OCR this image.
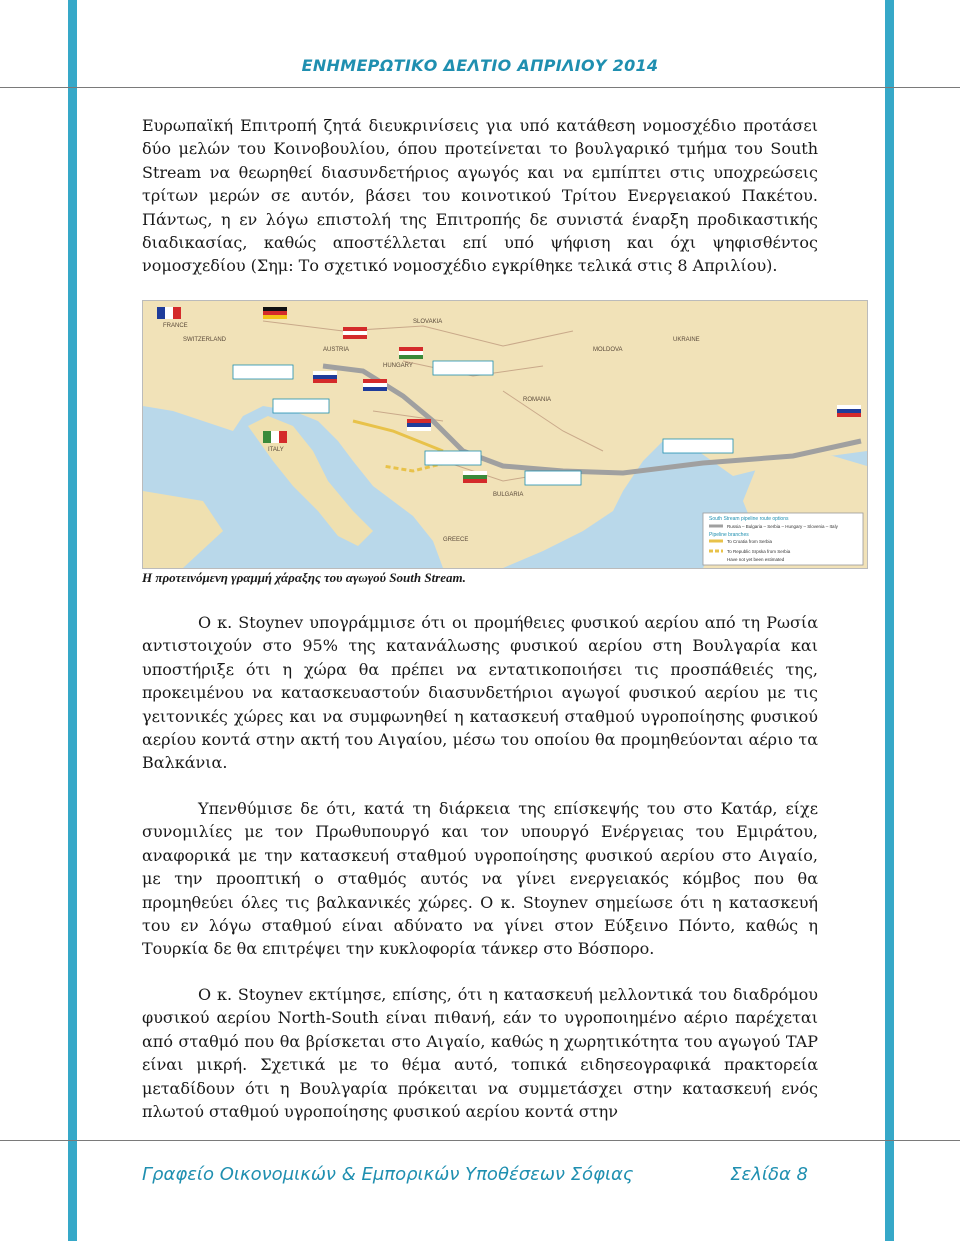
ΕΝΗΜΕΡΩΤΙΚΟ ΔΕΛΤΙΟ ΑΠΡΙΛΙΟΥ 2014

Ευρωπαϊκή Επιτροπή ζητά διευκρινίσεις για υπό κατάθεση νομοσχέδιο προτάσει δύο μελών του Κοινοβουλίου, όπου προτείνεται το βουλγαρικό τμήμα του South Stream να θεωρηθεί διασυνδετήριος αγωγός και να εμπίπτει στις υποχρεώσεις τρίτων μερών σε αυτόν, βάσει του κοινοτικού Τρίτου Ενεργειακού Πακέτου. Πάντως, η εν λόγω επιστολή της Επιτροπής δε συνιστά έναρξη προδικαστικής διαδικασίας, καθώς αποστέλλεται επί υπό ψήφιση και όχι ψηφισθέντος νομοσχεδίου (Σημ: Το σχετικό νομοσχέδιο εγκρίθηκε τελικά στις 8 Απριλίου).

FRANCE
SWITZERLAND
AUSTRIA
SLOVAKIA
HUNGARY
ROMANIA
UKRAINE
MOLDOVA
ITALY
BULGARIA
GREECE
South Stream pipeline route options
Russia – Bulgaria – Serbia – Hungary – Slovenia – Italy
Pipeline branches
To Croatia from Serbia
To Republic Srpska from Serbia
Have not yet been estimated
Η προτεινόμενη γραμμή χάραξης του αγωγού South Stream.

Ο κ. Stoynev υπογράμμισε ότι οι προμήθειες φυσικού αερίου από τη Ρωσία αντιστοιχούν στο 95% της κατανάλωσης φυσικού αερίου στη Βουλγαρία και υποστήριξε ότι η χώρα θα πρέπει να εντατικοποιήσει τις προσπάθειές της, προκειμένου να κατασκευαστούν διασυνδετήριοι αγωγοί φυσικού αερίου με τις γειτονικές χώρες και να συμφωνηθεί η κατασκευή σταθμού υγροποίησης φυσικού αερίου κοντά στην ακτή του Αιγαίου, μέσω του οποίου θα προμηθεύονται αέριο τα Βαλκάνια.

Υπενθύμισε δε ότι, κατά τη διάρκεια της επίσκεψής του στο Κατάρ, είχε συνομιλίες με τον Πρωθυπουργό και τον υπουργό Ενέργειας του Εμιράτου, αναφορικά με την κατασκευή σταθμού υγροποίησης φυσικού αερίου στο Αιγαίο, με την προοπτική ο σταθμός αυτός να γίνει ενεργειακός κόμβος που θα προμηθεύει όλες τις βαλκανικές χώρες. Ο κ. Stoynev σημείωσε ότι η κατασκευή του εν λόγω σταθμού είναι αδύνατο να γίνει στον Εύξεινο Πόντο, καθώς η Τουρκία δε θα επιτρέψει την κυκλοφορία τάνκερ στο Βόσπορο.

Ο κ. Stoynev εκτίμησε, επίσης, ότι η κατασκευή μελλοντικά του διαδρόμου φυσικού αερίου North-South είναι πιθανή, εάν το υγροποιημένο αέριο παρέχεται από σταθμό που θα βρίσκεται στο Αιγαίο, καθώς η χωρητικότητα του αγωγού TAP είναι μικρή. Σχετικά με το θέμα αυτό, τοπικά ειδησεογραφικά πρακτορεία μεταδίδουν ότι η Βουλγαρία πρόκειται να συμμετάσχει στην κατασκευή ενός πλωτού σταθμού υγροποίησης φυσικού αερίου κοντά στην

Γραφείο Οικονομικών & Εμπορικών Υποθέσεων Σόφιας	Σελίδα 8
